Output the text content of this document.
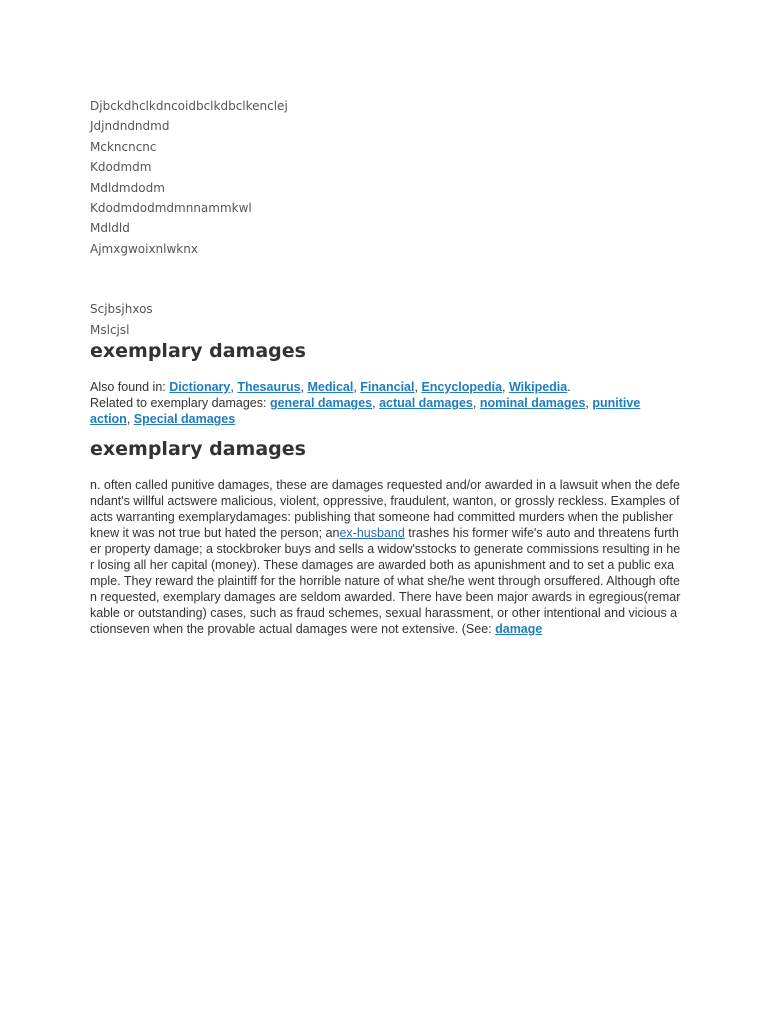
Djbckdhclkdncoidbclkdbclkenclej
Jdjndndndmd
Mckncncnc
Kdodmdm
Mdldmdodm
Kdodmdodmdmnnammkwl
Mdldld
Ajmxgwoixnlwknx
Scjbsjhxos
Mslcjsl
exemplary damages
Also found in: Dictionary, Thesaurus, Medical, Financial, Encyclopedia, Wikipedia.
Related to exemplary damages: general damages, actual damages, nominal damages, punitive action, Special damages
exemplary damages
n. often called punitive damages, these are damages requested and/or awarded in a lawsuit when the defendant's willful actswere malicious, violent, oppressive, fraudulent, wanton, or grossly reckless. Examples of acts warranting exemplarydamages: publishing that someone had committed murders when the publisher knew it was not true but hated the person; anex-husband trashes his former wife's auto and threatens further property damage; a stockbroker buys and sells a widow'sstocks to generate commissions resulting in her losing all her capital (money). These damages are awarded both as apunishment and to set a public example. They reward the plaintiff for the horrible nature of what she/he went through orsuffered. Although often requested, exemplary damages are seldom awarded. There have been major awards in egregious(remarkable or outstanding) cases, such as fraud schemes, sexual harassment, or other intentional and vicious actionseven when the provable actual damages were not extensive. (See: damage
